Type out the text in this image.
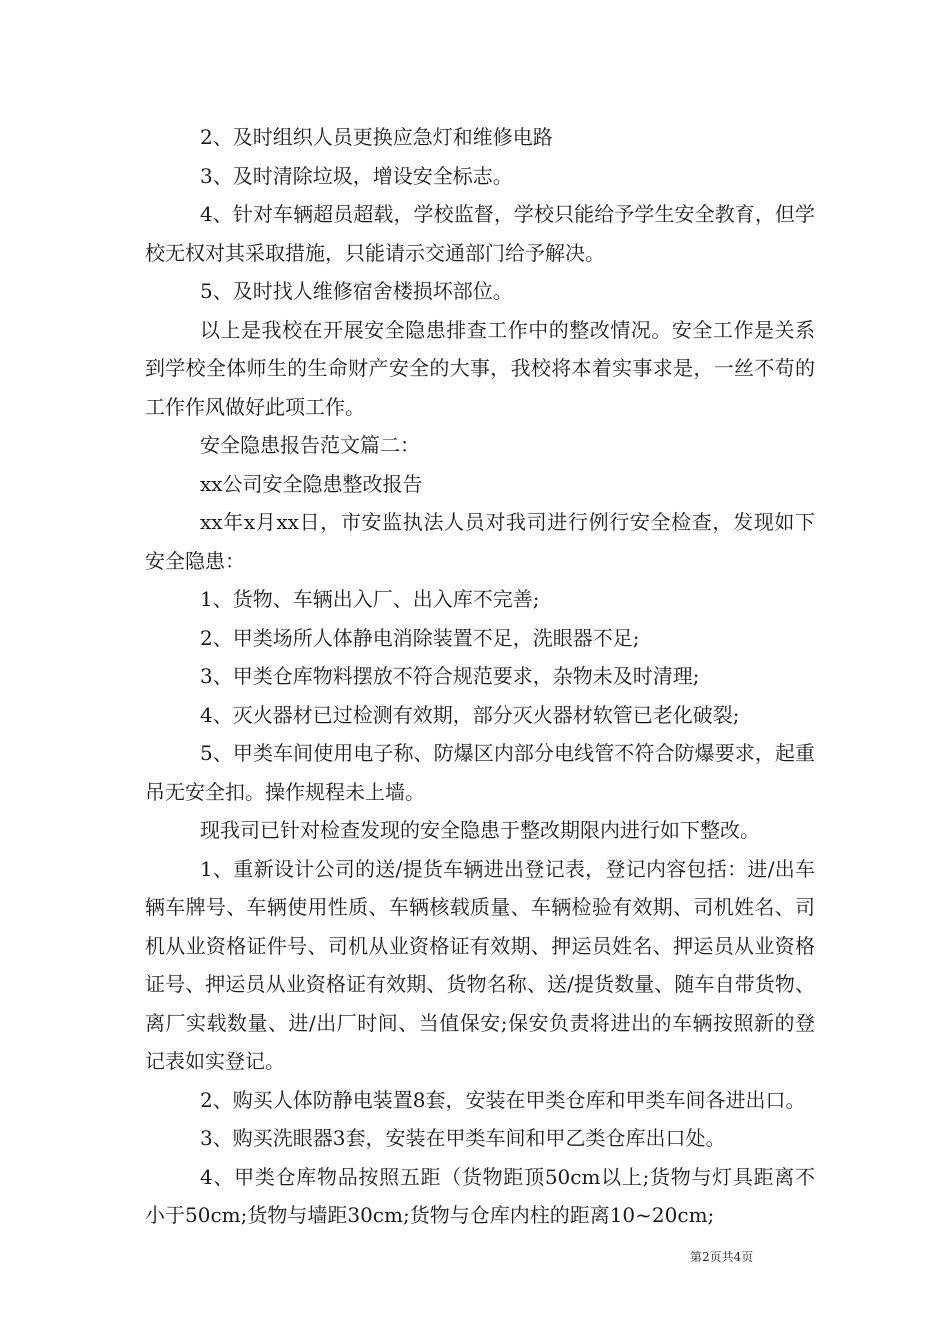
2、及时组织人员更换应急灯和维修电路

3、及时清除垃圾，增设安全标志。

4、针对车辆超员超载，学校监督，学校只能给予学生安全教育，但学校无权对其采取措施，只能请示交通部门给予解决。

5、及时找人维修宿舍楼损坏部位。

以上是我校在开展安全隐患排查工作中的整改情况。安全工作是关系到学校全体师生的生命财产安全的大事，我校将本着实事求是，一丝不苟的工作作风做好此项工作。

安全隐患报告范文篇二：

xx公司安全隐患整改报告

xx年x月xx日，市安监执法人员对我司进行例行安全检查，发现如下安全隐患：

1、货物、车辆出入厂、出入库不完善;

2、甲类场所人体静电消除装置不足，洗眼器不足;

3、甲类仓库物料摆放不符合规范要求，杂物未及时清理;

4、灭火器材已过检测有效期，部分灭火器材软管已老化破裂;

5、甲类车间使用电子称、防爆区内部分电线管不符合防爆要求，起重吊无安全扣。操作规程未上墙。

现我司已针对检查发现的安全隐患于整改期限内进行如下整改。

1、重新设计公司的送/提货车辆进出登记表，登记内容包括：进/出车辆车牌号、车辆使用性质、车辆核载质量、车辆检验有效期、司机姓名、司机从业资格证件号、司机从业资格证有效期、押运员姓名、押运员从业资格证号、押运员从业资格证有效期、货物名称、送/提货数量、随车自带货物、离厂实载数量、进/出厂时间、当值保安;保安负责将进出的车辆按照新的登记表如实登记。

2、购买人体防静电装置8套，安装在甲类仓库和甲类车间各进出口。

3、购买洗眼器3套，安装在甲类车间和甲乙类仓库出口处。

4、甲类仓库物品按照五距（货物距顶50cm以上;货物与灯具距离不小于50cm;货物与墙距30cm;货物与仓库内柱的距离10~20cm;

第2页共4页
